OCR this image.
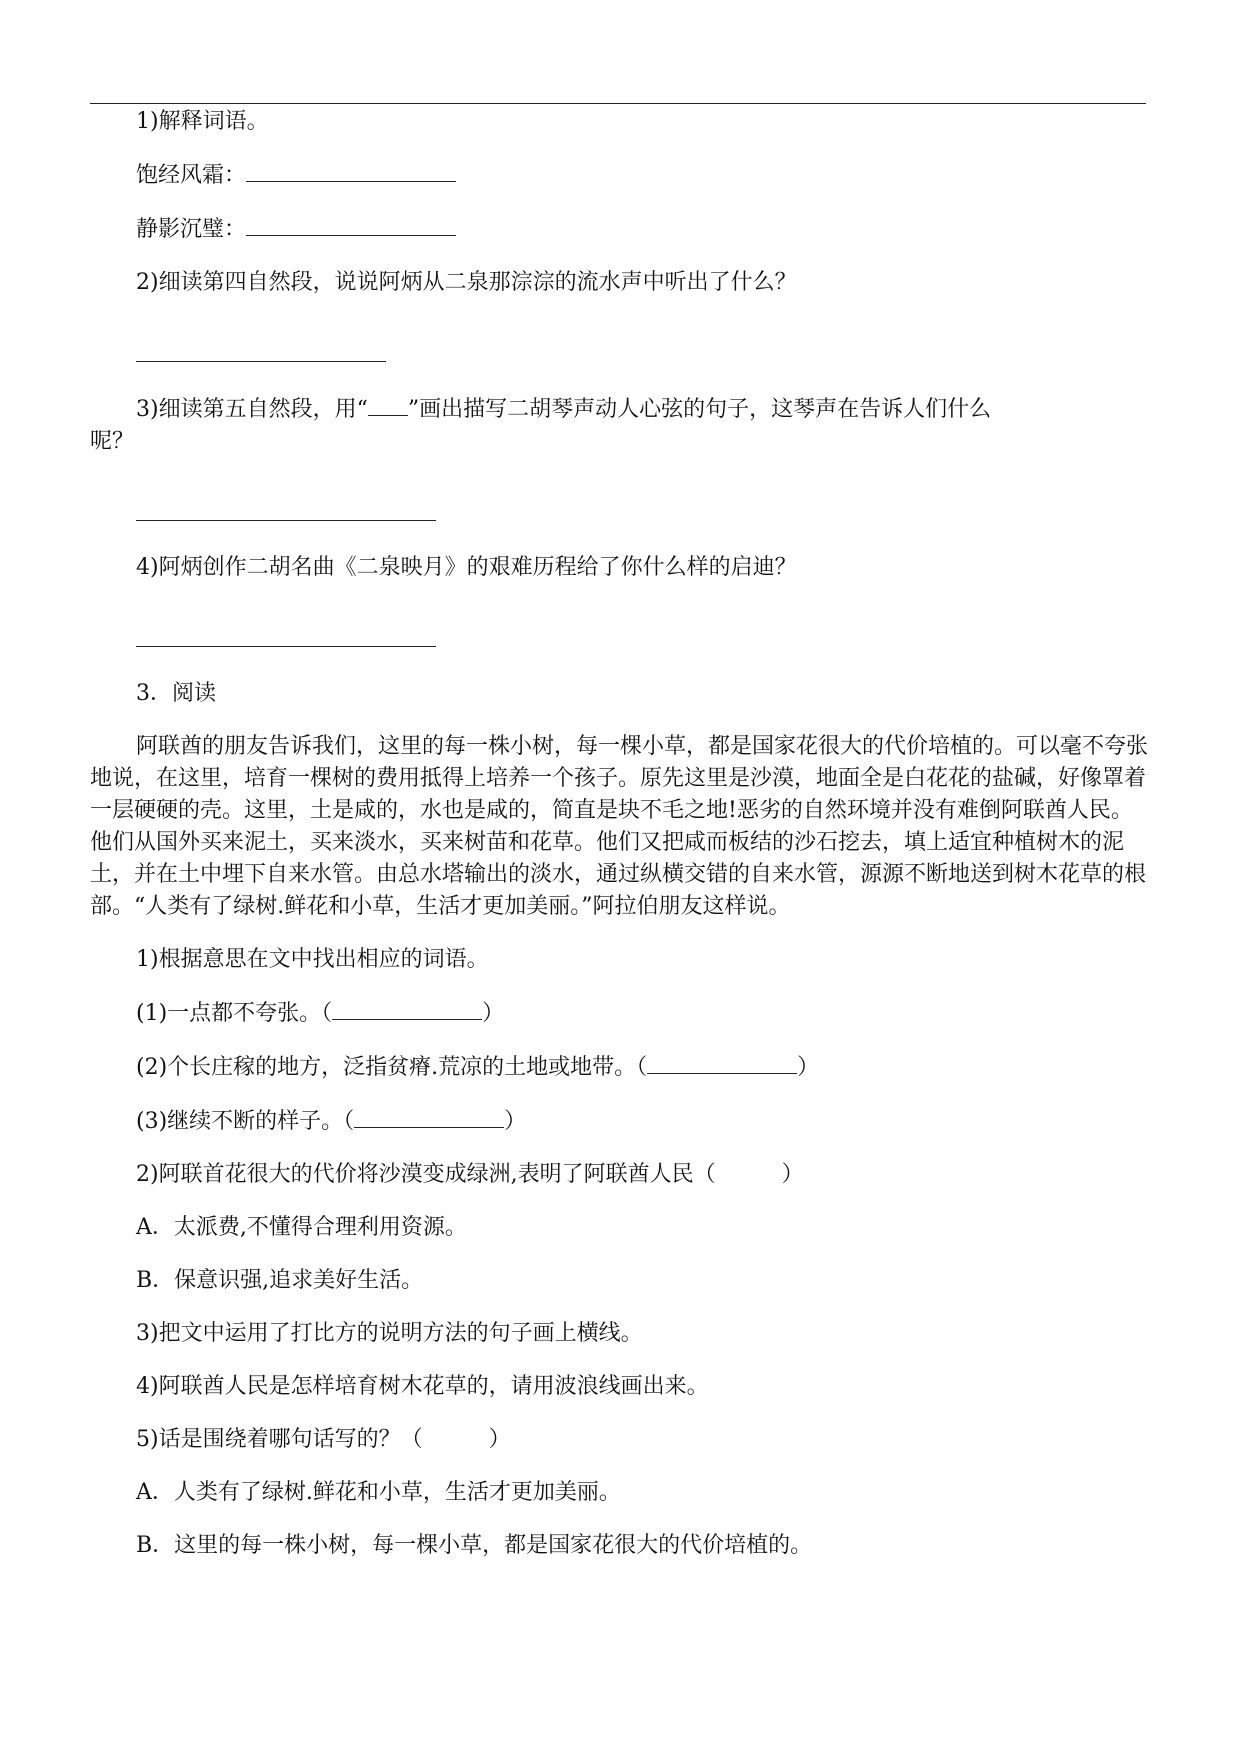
1)解释词语。
饱经风霜：
静影沉璧：
2)细读第四自然段，说说阿炳从二泉那淙淙的流水声中听出了什么？
3)细读第五自然段，用“ ”画出描写二胡琴声动人心弦的句子，这琴声在告诉人们什么
呢？
4)阿炳创作二胡名曲《二泉映月》的艰难历程给了你什么样的启迪？
3．阅读
阿联酋的朋友告诉我们，这里的每一株小树，每一棵小草，都是国家花很大的代价培植的。可以毫不夸张地说，在这里，培育一棵树的费用抵得上培养一个孩子。原先这里是沙漠，地面全是白花花的盐碱，好像罩着一层硬硬的壳。这里，土是咸的，水也是咸的，简直是块不毛之地!恶劣的自然环境并没有难倒阿联酋人民。他们从国外买来泥土，买来淡水，买来树苗和花草。他们又把咸而板结的沙石挖去，填上适宜种植树木的泥土，并在土中埋下自来水管。由总水塔输出的淡水，通过纵横交错的自来水管，源源不断地送到树木花草的根部。“人类有了绿树.鲜花和小草，生活才更加美丽。”阿拉伯朋友这样说。
1)根据意思在文中找出相应的词语。
(1)一点都不夸张。（	）
(2)个长庄稼的地方，泛指贫瘠.荒凉的土地或地带。（	）
(3)继续不断的样子。（	）
2)阿联首花很大的代价将沙漠变成绿洲,表明了阿联酋人民（　　　）
A．太派费,不懂得合理利用资源。
B．保意识强,追求美好生活。
3)把文中运用了打比方的说明方法的句子画上横线。
4)阿联酋人民是怎样培育树木花草的，请用波浪线画出来。
5)话是围绕着哪句话写的？（　　　）
A．人类有了绿树.鲜花和小草，生活才更加美丽。
B．这里的每一株小树，每一棵小草，都是国家花很大的代价培植的。
